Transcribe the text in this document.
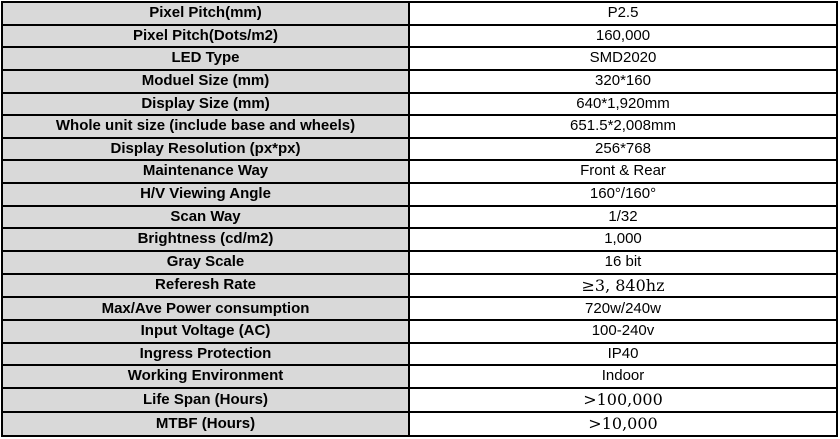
Pixel Pitch(mm)	P2.5
Pixel Pitch(Dots/m2)	160,000
LED Type	SMD2020
Moduel Size (mm)	320*160
Display Size (mm)	640*1,920mm
Whole unit size (include base and wheels)	651.5*2,008mm
Display Resolution (px*px)	256*768
Maintenance Way	Front & Rear
H/V Viewing Angle	160°/160°
Scan Way	1/32
Brightness (cd/m2)	1,000
Gray Scale	16 bit
Referesh Rate	≥3, 840hz
Max/Ave Power consumption	720w/240w
Input Voltage (AC)	100-240v
Ingress Protection	IP40
Working Environment	Indoor
Life Span (Hours)	>100,000
MTBF (Hours)	>10,000
